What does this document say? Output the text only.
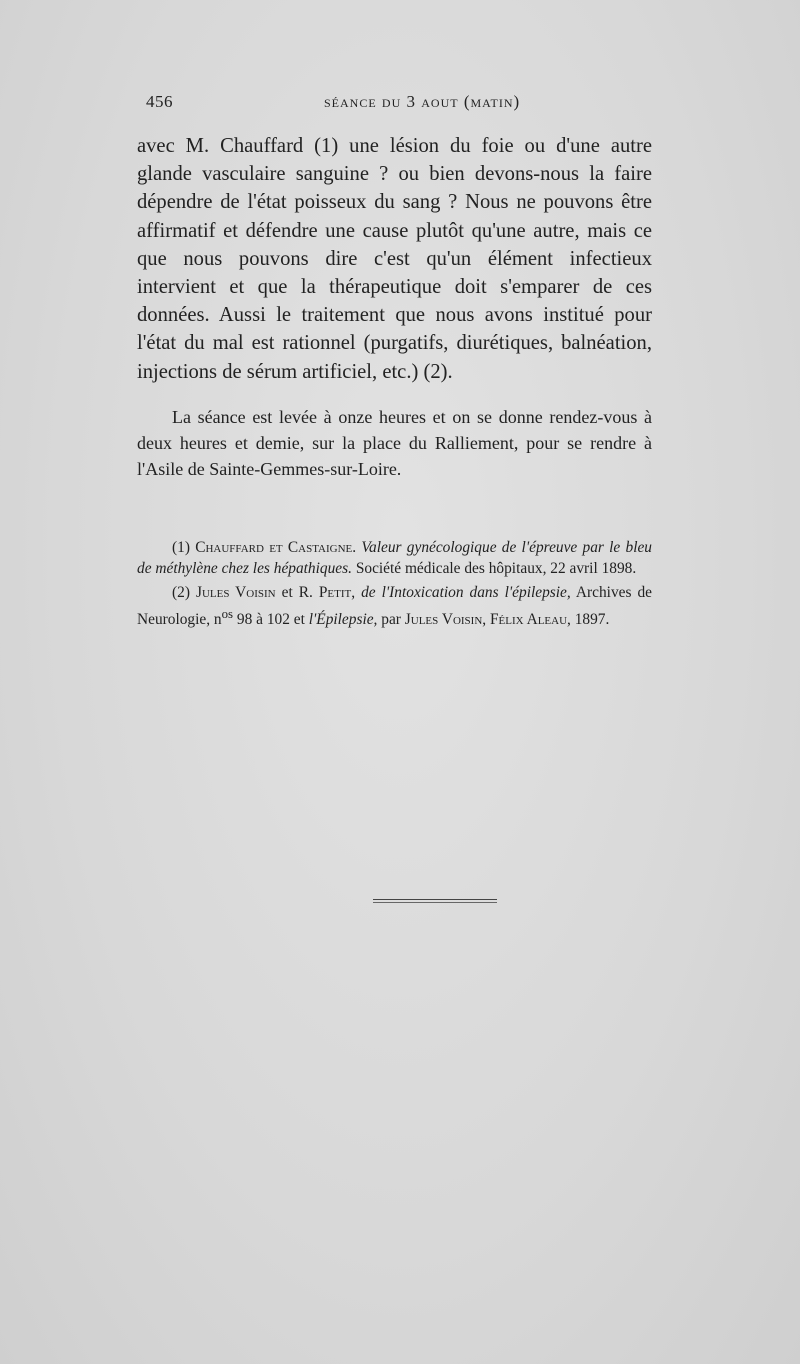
456	séance du 3 aout (matin)

avec M. Chauffard (1) une lésion du foie ou d'une autre glande vasculaire sanguine ? ou bien devons-nous la faire dépendre de l'état poisseux du sang ? Nous ne pouvons être affirmatif et défendre une cause plutôt qu'une autre, mais ce que nous pouvons dire c'est qu'un élément infectieux intervient et que la thérapeutique doit s'emparer de ces données. Aussi le traitement que nous avons institué pour l'état du mal est rationnel (purgatifs, diurétiques, balnéation, injections de sérum artificiel, etc.) (2).

La séance est levée à onze heures et on se donne rendez-vous à deux heures et demie, sur la place du Ralliement, pour se rendre à l'Asile de Sainte-Gemmes-sur-Loire.

(1) Chauffard et Castaigne. Valeur gynécologique de l'épreuve par le bleu de méthylène chez les hépathiques. Société médicale des hôpitaux, 22 avril 1898.

(2) Jules Voisin et R. Petit, de l'Intoxication dans l'épilepsie, Archives de Neurologie, $n^{os}$ 98 à 102 et l'Épilepsie, par Jules Voisin, Félix Aleau, 1897.
